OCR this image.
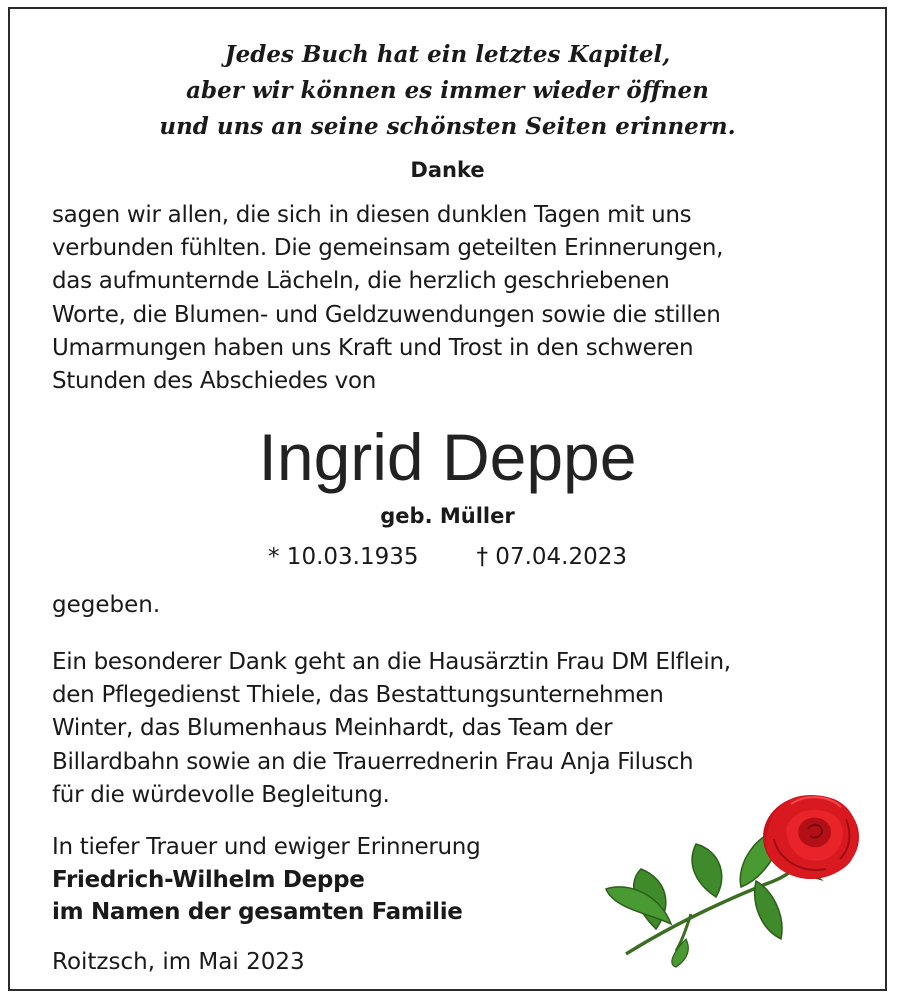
Jedes Buch hat ein letztes Kapitel,
aber wir können es immer wieder öffnen
und uns an seine schönsten Seiten erinnern.
Danke
sagen wir allen, die sich in diesen dunklen Tagen mit uns
verbunden fühlten. Die gemeinsam geteilten Erinnerungen,
das aufmunternde Lächeln, die herzlich geschriebenen
Worte, die Blumen- und Geldzuwendungen sowie die stillen
Umarmungen haben uns Kraft und Trost in den schweren
Stunden des Abschiedes von
Ingrid Deppe
geb. Müller
* 10.03.1935	† 07.04.2023
gegeben.
Ein besonderer Dank geht an die Hausärztin Frau DM Elflein,
den Pflegedienst Thiele, das Bestattungsunternehmen
Winter, das Blumenhaus Meinhardt, das Team der
Billardbahn sowie an die Trauerrednerin Frau Anja Filusch
für die würdevolle Begleitung.
In tiefer Trauer und ewiger Erinnerung
Friedrich-Wilhelm Deppe
im Namen der gesamten Familie
Roitzsch, im Mai 2023
